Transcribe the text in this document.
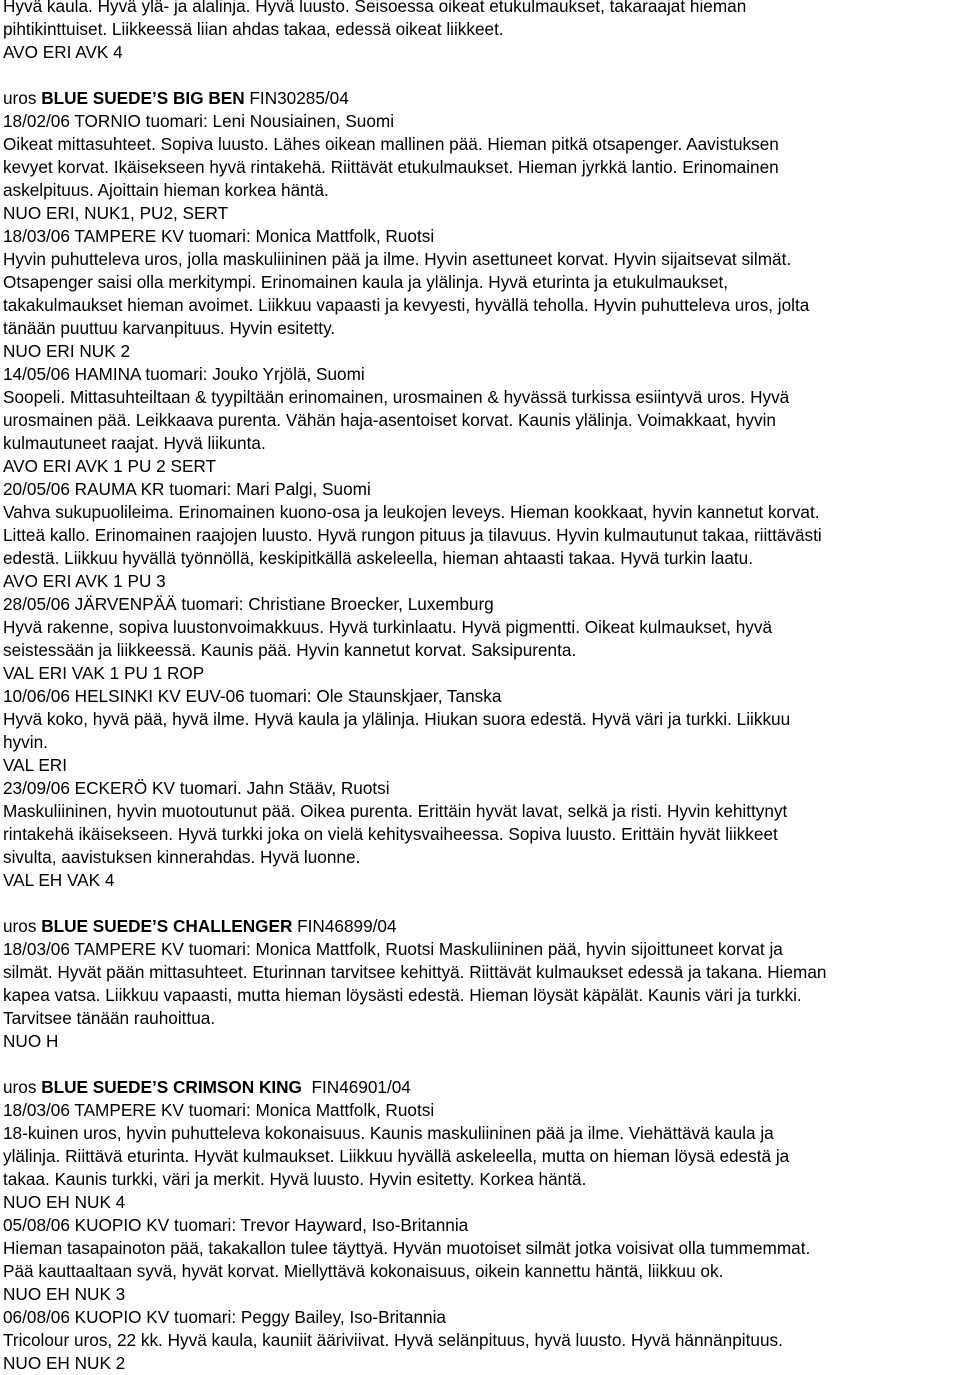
Hyvä kaula. Hyvä ylä- ja alalinja. Hyvä luusto. Seisoessa oikeat etukulmaukset, takaraajat hieman
pihtikinttuiset. Liikkeessä liian ahdas takaa, edessä oikeat liikkeet.
AVO ERI AVK 4
uros BLUE SUEDE’S BIG BEN FIN30285/04
18/02/06 TORNIO tuomari: Leni Nousiainen, Suomi
Oikeat mittasuhteet. Sopiva luusto. Lähes oikean mallinen pää. Hieman pitkä otsapenger. Aavistuksen
kevyet korvat. Ikäisekseen hyvä rintakehä. Riittävät etukulmaukset. Hieman jyrkkä lantio. Erinomainen
askelpituus. Ajoittain hieman korkea häntä.
NUO ERI, NUK1, PU2, SERT
18/03/06 TAMPERE KV tuomari: Monica Mattfolk, Ruotsi
Hyvin puhutteleva uros, jolla maskuliininen pää ja ilme. Hyvin asettuneet korvat. Hyvin sijaitsevat silmät.
Otsapenger saisi olla merkitympi. Erinomainen kaula ja ylälinja. Hyvä eturinta ja etukulmaukset,
takakulmaukset hieman avoimet. Liikkuu vapaasti ja kevyesti, hyvällä teholla. Hyvin puhutteleva uros, jolta
tänään puuttuu karvanpituus. Hyvin esitetty.
NUO ERI NUK 2
14/05/06 HAMINA tuomari: Jouko Yrjölä, Suomi
Soopeli. Mittasuhteiltaan & tyypiltään erinomainen, urosmainen & hyvässä turkissa esiintyvä uros. Hyvä
urosmainen pää. Leikkaava purenta. Vähän haja-asentoiset korvat. Kaunis ylälinja. Voimakkaat, hyvin
kulmautuneet raajat. Hyvä liikunta.
AVO ERI AVK 1 PU 2 SERT
20/05/06 RAUMA KR tuomari: Mari Palgi, Suomi
Vahva sukupuolileima. Erinomainen kuono-osa ja leukojen leveys. Hieman kookkaat, hyvin kannetut korvat.
Litteä kallo. Erinomainen raajojen luusto. Hyvä rungon pituus ja tilavuus. Hyvin kulmautunut takaa, riittävästi
edestä. Liikkuu hyvällä työnnöllä, keskipitkällä askeleella, hieman ahtaasti takaa. Hyvä turkin laatu.
AVO ERI AVK 1 PU 3
28/05/06 JÄRVENPÄÄ tuomari: Christiane Broecker, Luxemburg
Hyvä rakenne, sopiva luustonvoimakkuus. Hyvä turkinlaatu. Hyvä pigmentti. Oikeat kulmaukset, hyvä
seistessään ja liikkeessä. Kaunis pää. Hyvin kannetut korvat. Saksipurenta.
VAL ERI VAK 1 PU 1 ROP
10/06/06 HELSINKI KV EUV-06 tuomari: Ole Staunskjaer, Tanska
Hyvä koko, hyvä pää, hyvä ilme. Hyvä kaula ja ylälinja. Hiukan suora edestä. Hyvä väri ja turkki. Liikkuu
hyvin.
VAL ERI
23/09/06 ECKERÖ KV tuomari. Jahn Stääv, Ruotsi
Maskuliininen, hyvin muotoutunut pää. Oikea purenta. Erittäin hyvät lavat, selkä ja risti. Hyvin kehittynyt
rintakehä ikäisekseen. Hyvä turkki joka on vielä kehitysvaiheessa. Sopiva luusto. Erittäin hyvät liikkeet
sivulta, aavistuksen kinnerahdas. Hyvä luonne.
VAL EH VAK 4
uros BLUE SUEDE’S CHALLENGER FIN46899/04
18/03/06 TAMPERE KV tuomari: Monica Mattfolk, Ruotsi Maskuliininen pää, hyvin sijoittuneet korvat ja
silmät. Hyvät pään mittasuhteet. Eturinnan tarvitsee kehittyä. Riittävät kulmaukset edessä ja takana. Hieman
kapea vatsa. Liikkuu vapaasti, mutta hieman löysästi edestä. Hieman löysät käpälät. Kaunis väri ja turkki.
Tarvitsee tänään rauhoittua.
NUO H
uros BLUE SUEDE’S CRIMSON KING  FIN46901/04
18/03/06 TAMPERE KV tuomari: Monica Mattfolk, Ruotsi
18-kuinen uros, hyvin puhutteleva kokonaisuus. Kaunis maskuliininen pää ja ilme. Viehättävä kaula ja
ylälinja. Riittävä eturinta. Hyvät kulmaukset. Liikkuu hyvällä askeleella, mutta on hieman löysä edestä ja
takaa. Kaunis turkki, väri ja merkit. Hyvä luusto. Hyvin esitetty. Korkea häntä.
NUO EH NUK 4
05/08/06 KUOPIO KV tuomari: Trevor Hayward, Iso-Britannia
Hieman tasapainoton pää, takakallon tulee täyttyä. Hyvän muotoiset silmät jotka voisivat olla tummemmat.
Pää kauttaaltaan syvä, hyvät korvat. Miellyttävä kokonaisuus, oikein kannettu häntä, liikkuu ok.
NUO EH NUK 3
06/08/06 KUOPIO KV tuomari: Peggy Bailey, Iso-Britannia
Tricolour uros, 22 kk. Hyvä kaula, kauniit ääriviivat. Hyvä selänpituus, hyvä luusto. Hyvä hännänpituus.
NUO EH NUK 2
